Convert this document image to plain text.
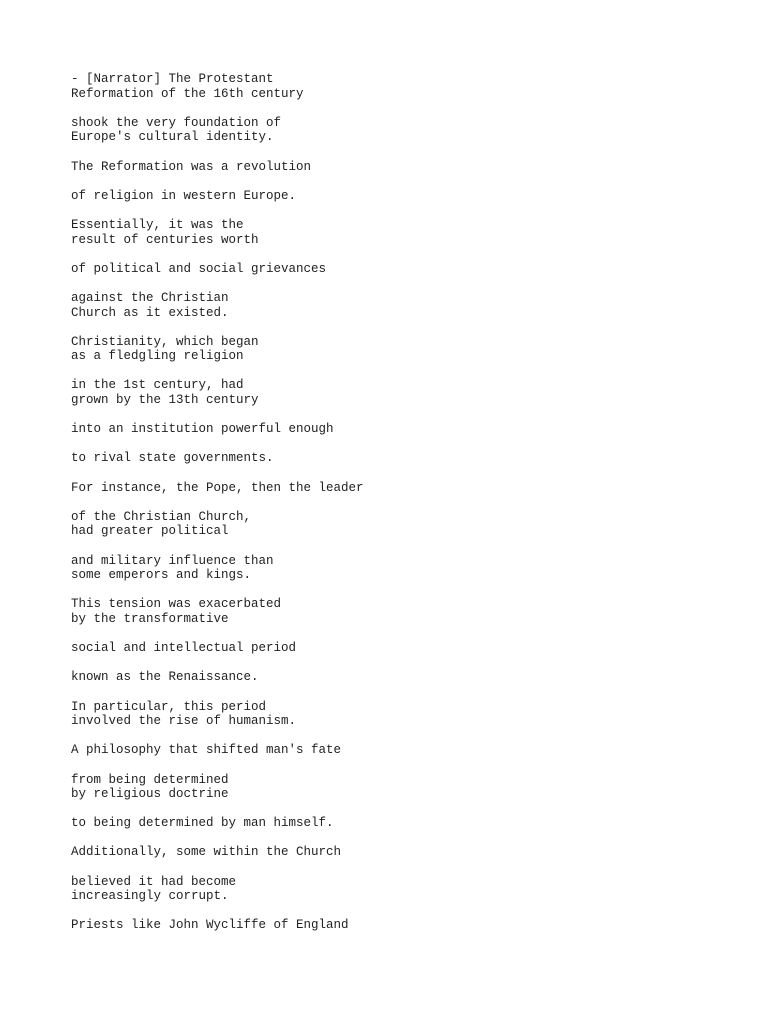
- [Narrator] The Protestant
Reformation of the 16th century
shook the very foundation of
Europe's cultural identity.
The Reformation was a revolution
of religion in western Europe.
Essentially, it was the
result of centuries worth
of political and social grievances
against the Christian
Church as it existed.
Christianity, which began
as a fledgling religion
in the 1st century, had
grown by the 13th century
into an institution powerful enough
to rival state governments.
For instance, the Pope, then the leader
of the Christian Church,
had greater political
and military influence than
some emperors and kings.
This tension was exacerbated
by the transformative
social and intellectual period
known as the Renaissance.
In particular, this period
involved the rise of humanism.
A philosophy that shifted man's fate
from being determined
by religious doctrine
to being determined by man himself.
Additionally, some within the Church
believed it had become
increasingly corrupt.
Priests like John Wycliffe of England
